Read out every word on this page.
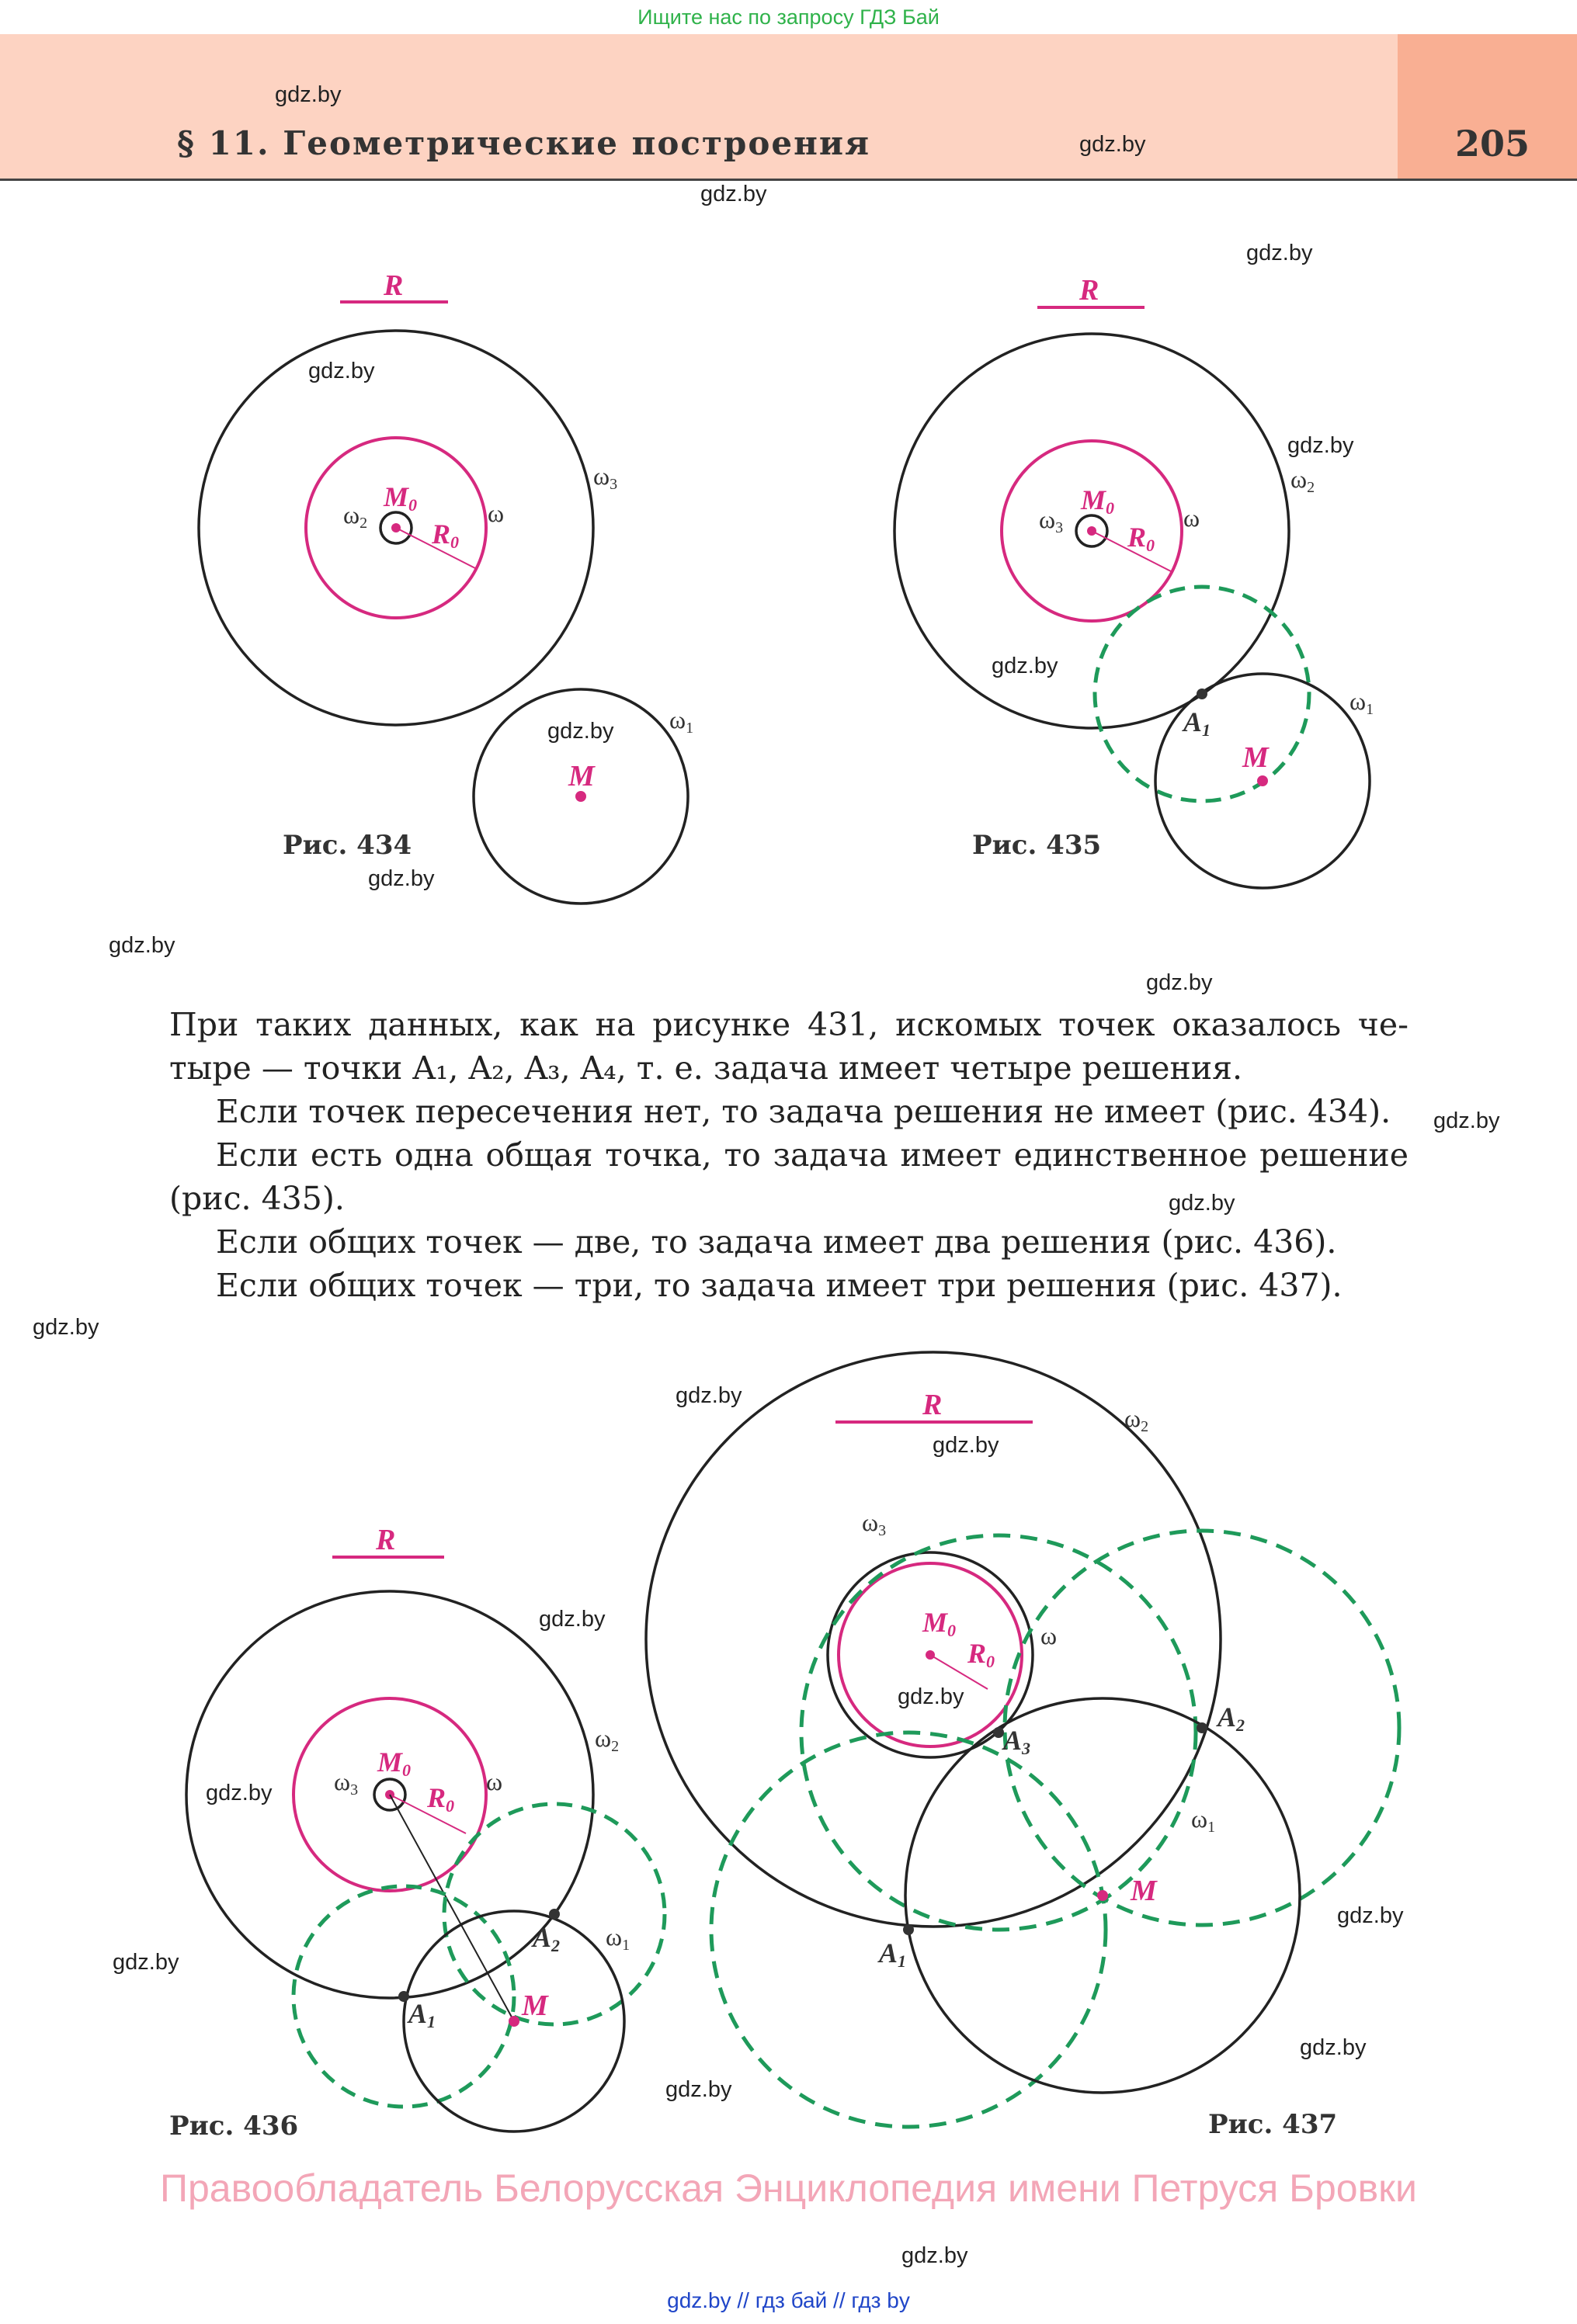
Ищите нас по запросу ГДЗ Бай
§ 11. Геометрические построения	205
gdz.by
gdz.by
gdz.by
gdz.by
gdz.by
gdz.by
gdz.by
gdz.by
gdz.by
gdz.by
gdz.by
gdz.by
gdz.by
gdz.by
gdz.by
gdz.by
gdz.by
gdz.by
gdz.by
gdz.by
gdz.by
gdz.by
gdz.by
gdz.by
R
M0
R0
ω
ω2
ω3
M
ω1
Рис. 434
R
M0
R0
ω
ω3
ω2
A1
M
ω1
Рис. 435
При таких данных, как на рисунке 431, искомых точек оказалось че-
тыре — точки A₁, A₂, A₃, A₄, т. е. задача имеет четыре решения.
Если точек пересечения нет, то задача решения не имеет (рис. 434).
Если есть одна общая точка, то задача имеет единственное решение
(рис. 435).
Если общих точек — две, то задача имеет два решения (рис. 436).
Если общих точек — три, то задача имеет три решения (рис. 437).
R
M0
R0
ω
ω3
ω2
A1
A2
M
ω1
Рис. 436
R
M0
R0
ω
ω3
ω2
A1
A2
A3
M
ω1
Рис. 437
Правообладатель Белорусская Энциклопедия имени Петруся Бровки
gdz.by // гдз бай // гдз by
